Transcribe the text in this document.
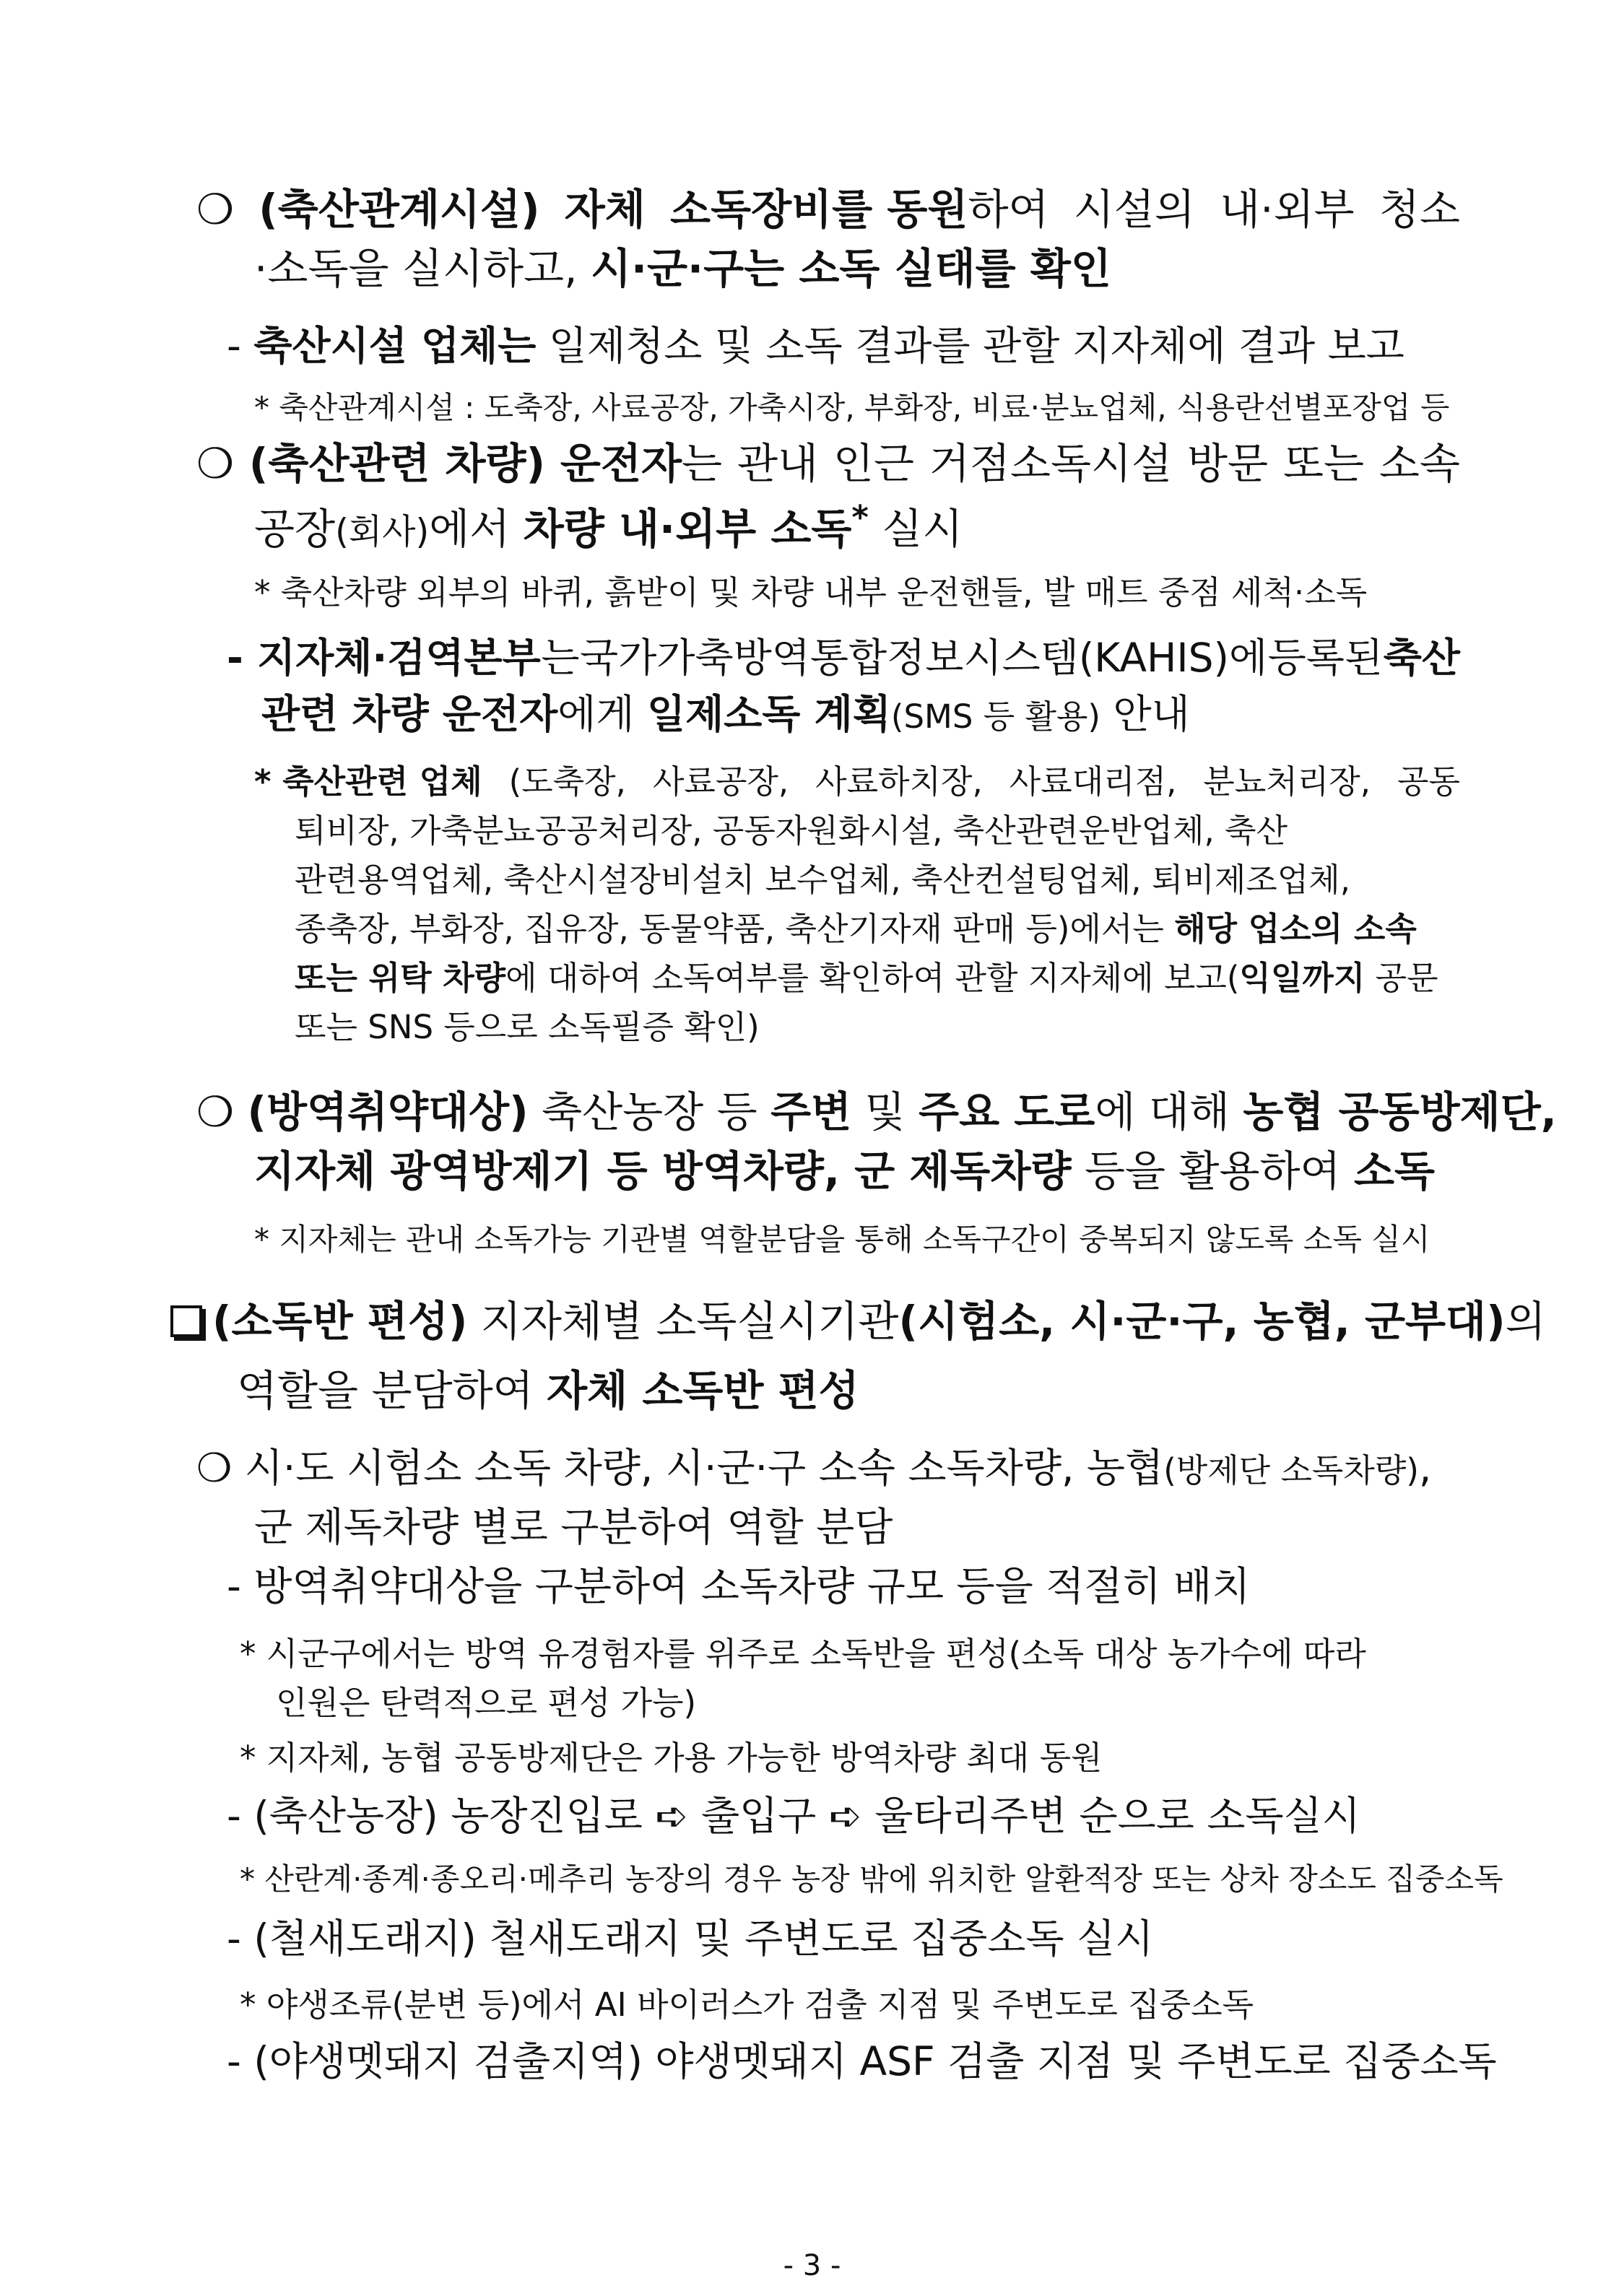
❍ (축산관계시설) 자체 소독장비를 동원하여 시설의 내·외부 청소
·소독을 실시하고, 시·군·구는 소독 실태를 확인
- 축산시설 업체는 일제청소 및 소독 결과를 관할 지자체에 결과 보고
* 축산관계시설 : 도축장, 사료공장, 가축시장, 부화장, 비료·분뇨업체, 식용란선별포장업 등
❍ (축산관련 차량) 운전자는 관내 인근 거점소독시설 방문 또는 소속
공장(회사)에서 차량 내·외부 소독* 실시
* 축산차량 외부의 바퀴, 흙받이 및 차량 내부 운전핸들, 발 매트 중점 세척·소독
- 지자체·검역본부 는 국가가축방역통합정보시스템(KAHIS)에 등록된 축산
관련 차량 운전자에게 일제소독 계획(SMS 등 활용) 안내
* 축산관련 업체 (도축장, 사료공장, 사료하치장, 사료대리점, 분뇨처리장, 공동
퇴비장, 가축분뇨공공처리장, 공동자원화시설, 축산관련운반업체, 축산
관련용역업체, 축산시설장비설치 보수업체, 축산컨설팅업체, 퇴비제조업체,
종축장, 부화장, 집유장, 동물약품, 축산기자재 판매 등)에서는 해당 업소의 소속
또는 위탁 차량에 대하여 소독여부를 확인하여 관할 지자체에 보고(익일까지 공문
또는 SNS 등으로 소독필증 확인)
❍ (방역취약대상) 축산농장 등 주변 및 주요 도로에 대해 농협 공동방제단,
지자체 광역방제기 등 방역차량, 군 제독차량 등을 활용하여 소독
* 지자체는 관내 소독가능 기관별 역할분담을 통해 소독구간이 중복되지 않도록 소독 실시
(소독반 편성) 지자체별 소독실시기관(시험소, 시·군·구, 농협, 군부대)의
역할을 분담하여 자체 소독반 편성
❍ 시·도 시험소 소독 차량, 시·군·구 소속 소독차량, 농협(방제단 소독차량),
군 제독차량 별로 구분하여 역할 분담
- 방역취약대상을 구분하여 소독차량 규모 등을 적절히 배치
* 시군구에서는 방역 유경험자를 위주로 소독반을 편성(소독 대상 농가수에 따라
인원은 탄력적으로 편성 가능)
* 지자체, 농협 공동방제단은 가용 가능한 방역차량 최대 동원
- (축산농장) 농장진입로 ➪ 출입구 ➪ 울타리주변 순으로 소독실시
* 산란계·종계·종오리·메추리 농장의 경우 농장 밖에 위치한 알환적장 또는 상차 장소도 집중소독
- (철새도래지) 철새도래지 및 주변도로 집중소독 실시
* 야생조류(분변 등)에서 AI 바이러스가 검출 지점 및 주변도로 집중소독
- (야생멧돼지 검출지역) 야생멧돼지 ASF 검출 지점 및 주변도로 집중소독
- 3 -
